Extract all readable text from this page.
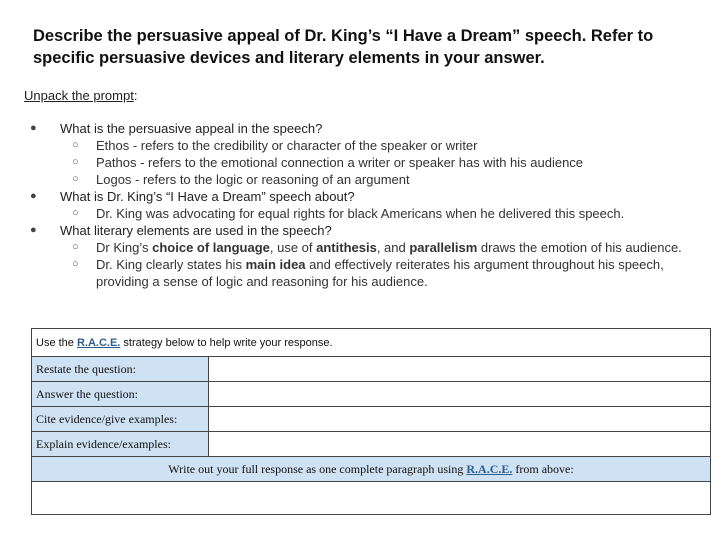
Describe the persuasive appeal of Dr. King’s “I Have a Dream” speech. Refer to specific persuasive devices and literary elements in your answer.
Unpack the prompt:
● What is the persuasive appeal in the speech?
○ Ethos - refers to the credibility or character of the speaker or writer
○ Pathos - refers to the emotional connection a writer or speaker has with his audience
○ Logos - refers to the logic or reasoning of an argument
● What is Dr. King’s “I Have a Dream” speech about?
○ Dr. King was advocating for equal rights for black Americans when he delivered this speech.
● What literary elements are used in the speech?
○ Dr King’s choice of language, use of antithesis, and parallelism draws the emotion of his audience.
○ Dr. King clearly states his main idea and effectively reiterates his argument throughout his speech, providing a sense of logic and reasoning for his audience.
Use the R.A.C.E. strategy below to help write your response.	
Restate the question:	
Answer the question:	
Cite evidence/give examples:	
Explain evidence/examples:	
Write out your full response as one complete paragraph using R.A.C.E. from above:	
